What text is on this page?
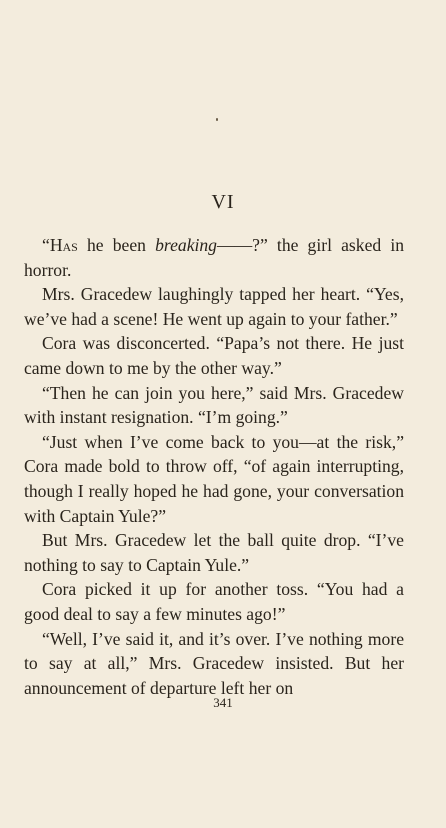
VI

“Has he been breaking——?” the girl asked in horror.

Mrs. Gracedew laughingly tapped her heart. “Yes, we’ve had a scene! He went up again to your father.”

Cora was disconcerted. “Papa’s not there. He just came down to me by the other way.”

“Then he can join you here,” said Mrs. Gracedew with instant resignation. “I’m going.”

“Just when I’ve come back to you—at the risk,” Cora made bold to throw off, “of again interrupting, though I really hoped he had gone, your conversation with Captain Yule?”

But Mrs. Gracedew let the ball quite drop. “I’ve nothing to say to Captain Yule.”

Cora picked it up for another toss. “You had a good deal to say a few minutes ago!”

“Well, I’ve said it, and it’s over. I’ve nothing more to say at all,” Mrs. Gracedew insisted. But her announcement of departure left her on

341
